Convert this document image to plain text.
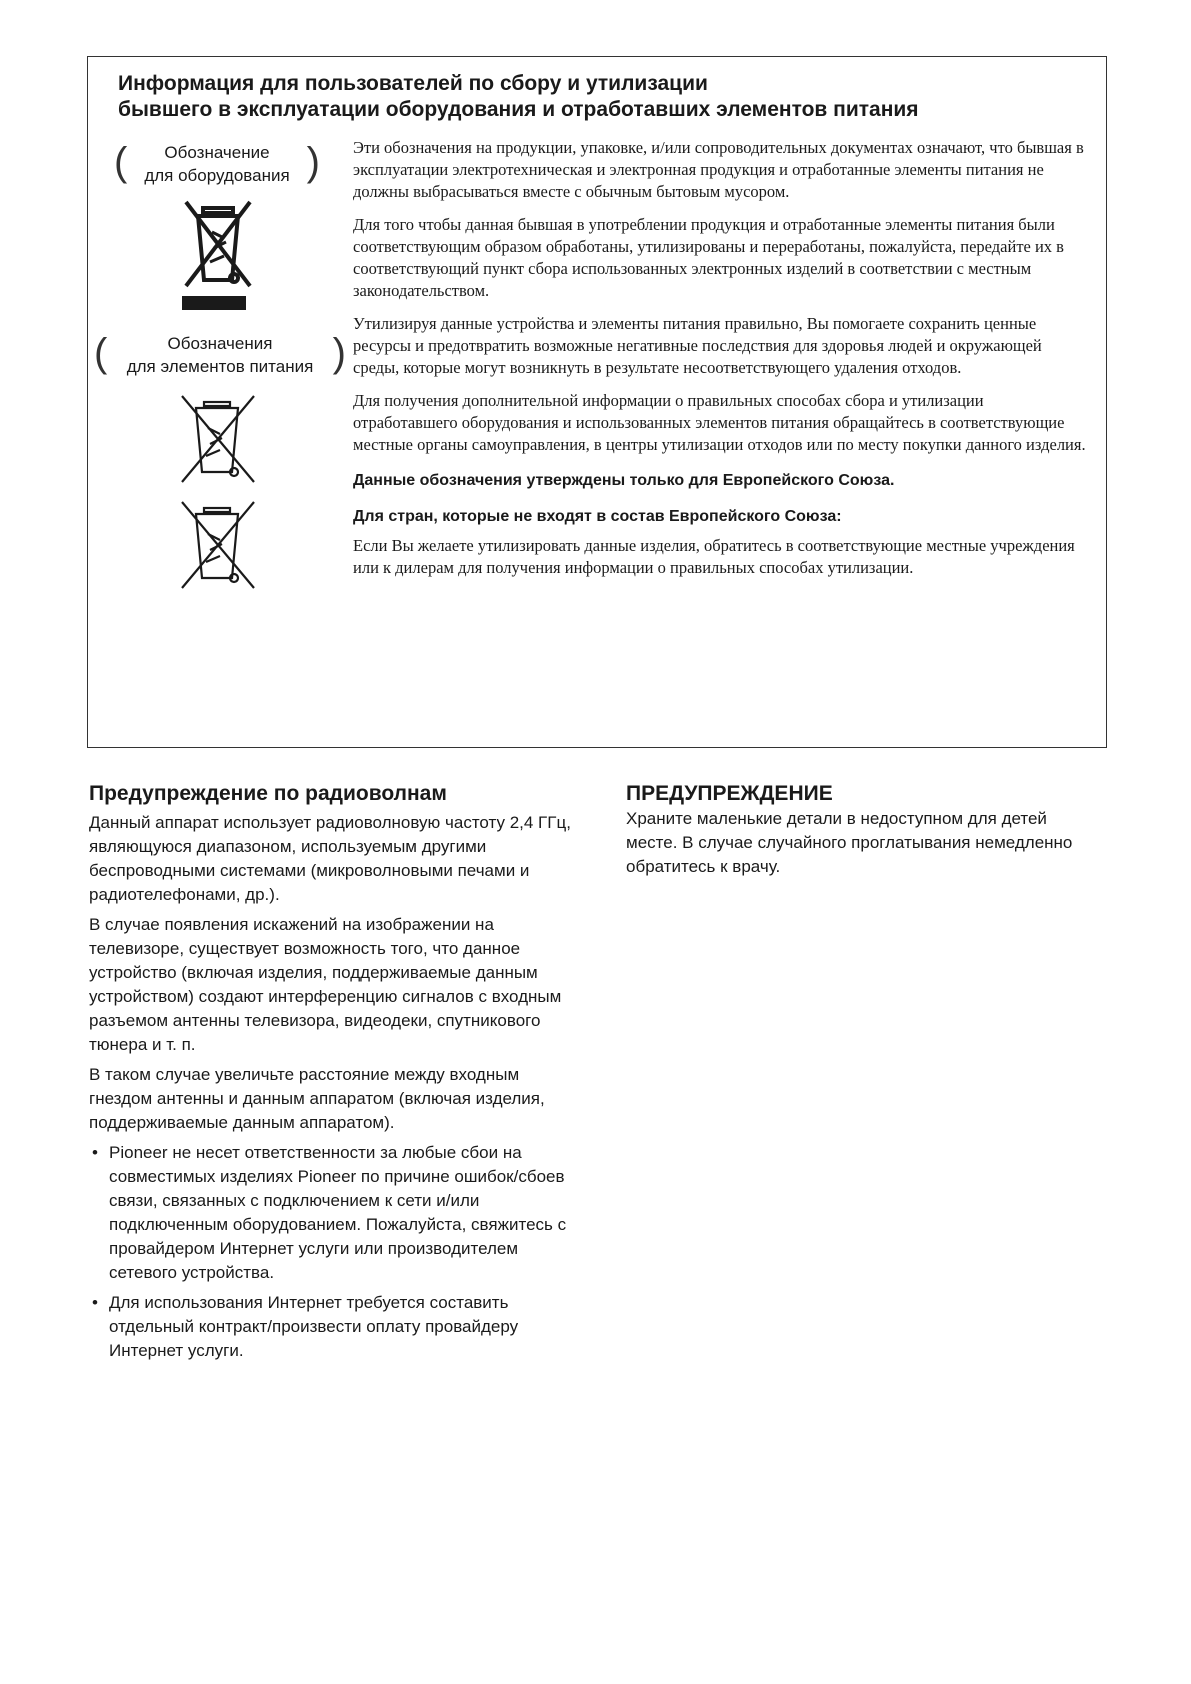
Информация для пользователей по сбору и утилизации
бывшего в эксплуатации оборудования и отработавших элементов питания
(	Обозначение
для оборудования )
(	Обозначения
для элементов питания )

Эти обозначения на продукции, упаковке, и/или сопроводительных документах означают, что бывшая в эксплуатации электротехническая и электронная продукция и отработанные элементы питания не должны выбрасываться вместе с обычным бытовым мусором.

Для того чтобы данная бывшая в употреблении продукция и отработанные элементы питания были соответствующим образом обработаны, утилизированы и переработаны, пожалуйста, передайте их в соответствующий пункт сбора использованных электронных изделий в соответствии с местным законодательством.

Утилизируя данные устройства и элементы питания правильно, Вы помогаете сохранить ценные ресурсы и предотвратить возможные негативные последствия для здоровья людей и окружающей среды, которые могут возникнуть в результате несоответствующего удаления отходов.

Для получения дополнительной информации о правильных способах сбора и утилизации отработавшего оборудования и использованных элементов питания обращайтесь в соответствующие местные органы самоуправления, в центры утилизации отходов или по месту покупки данного изделия.

Данные обозначения утверждены только для Европейского Союза.

Для стран, которые не входят в состав Европейского Союза:

Если Вы желаете утилизировать данные изделия, обратитесь в соответствующие местные учреждения или к дилерам для получения информации о правильных способах утилизации.

Предупреждение по радиоволнам

Данный аппарат использует радиоволновую частоту 2,4 ГГц, являющуюся диапазоном, используемым другими беспроводными системами (микроволновыми печами и радиотелефонами, др.).

В случае появления искажений на изображении на телевизоре, существует возможность того, что данное устройство (включая изделия, поддерживаемые данным устройством) создают интерференцию сигналов с входным разъемом антенны телевизора, видеодеки, спутникового тюнера и т. п.

В таком случае увеличьте расстояние между входным гнездом антенны и данным аппаратом (включая изделия, поддерживаемые данным аппаратом).

• Pioneer не несет ответственности за любые сбои на совместимых изделиях Pioneer по причине ошибок/сбоев связи, связанных с подключением к сети и/или подключенным оборудованием. Пожалуйста, свяжитесь с провайдером Интернет услуги или производителем сетевого устройства.
• Для использования Интернет требуется составить отдельный контракт/произвести оплату провайдеру Интернет услуги.
ПРЕДУПРЕЖДЕНИЕ

Храните маленькие детали в недоступном для детей месте. В случае случайного проглатывания немедленно обратитесь к врачу.
